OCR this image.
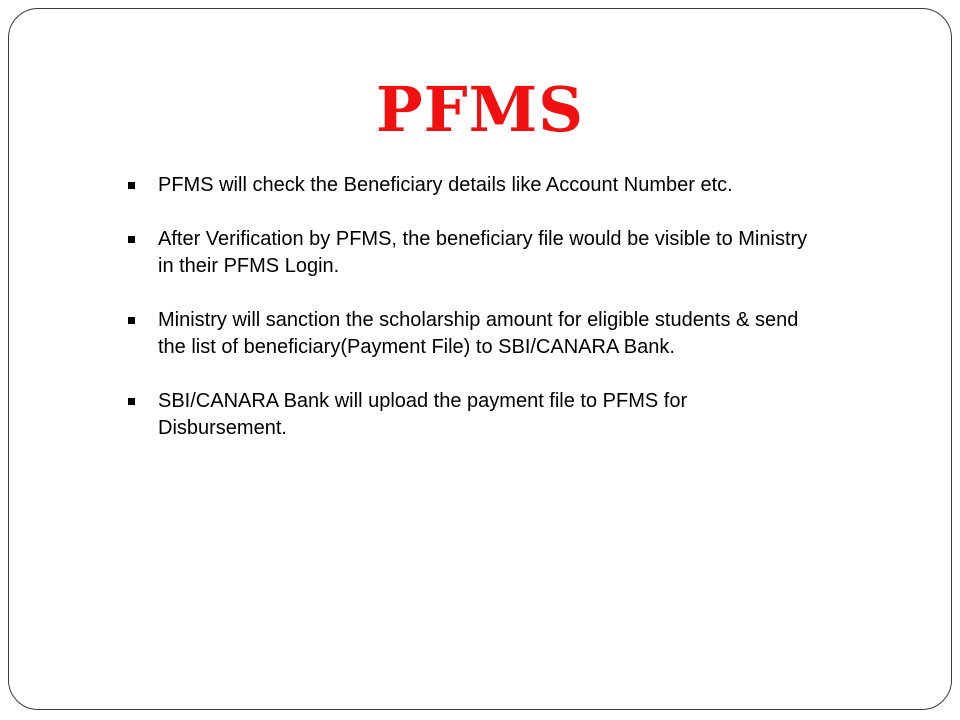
PFMS
PFMS will check the Beneficiary details like Account Number etc.
After Verification by PFMS, the beneficiary file would be visible to Ministry in their PFMS Login.
Ministry will sanction the scholarship amount for eligible students & send the list of beneficiary(Payment File) to SBI/CANARA Bank.
SBI/CANARA Bank will upload the payment file to PFMS for Disbursement.
